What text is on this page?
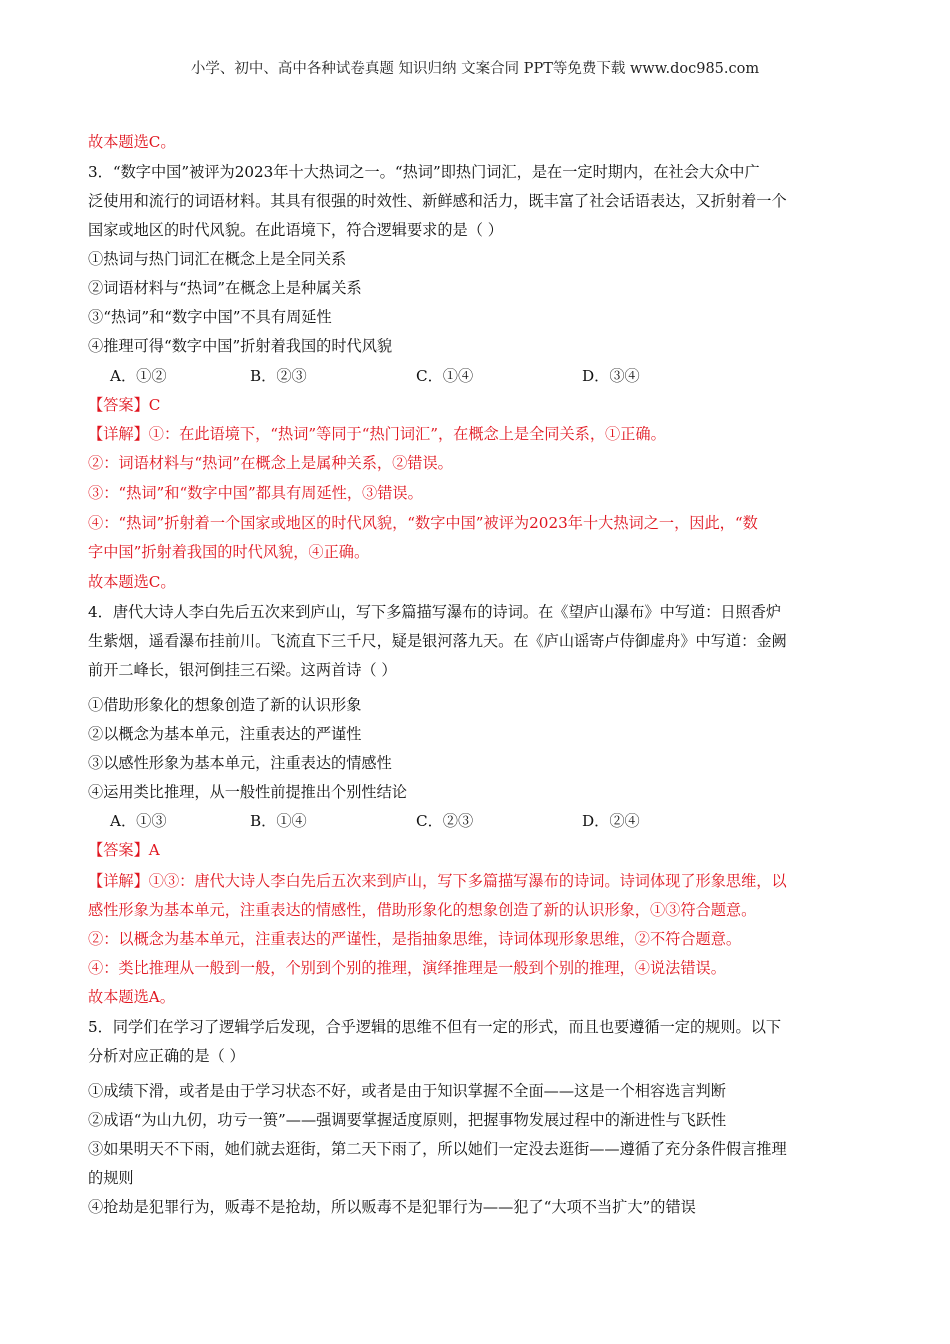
小学、初中、高中各种试卷真题 知识归纳 文案合同 PPT等免费下载 www.doc985.com
故本题选C。
3．“数字中国”被评为2023年十大热词之一。“热词”即热门词汇，是在一定时期内，在社会大众中广
泛使用和流行的词语材料。其具有很强的时效性、新鲜感和活力，既丰富了社会话语表达，又折射着一个
国家或地区的时代风貌。在此语境下，符合逻辑要求的是（ ）
①热词与热门词汇在概念上是全同关系
②词语材料与“热词”在概念上是种属关系
③“热词”和“数字中国”不具有周延性
④推理可得“数字中国”折射着我国的时代风貌
A．①②	B．②③	C．①④	D．③④
【答案】C
【详解】①：在此语境下，“热词”等同于“热门词汇”，在概念上是全同关系，①正确。
②：词语材料与“热词”在概念上是属种关系，②错误。
③：“热词”和“数字中国”都具有周延性，③错误。
④：“热词”折射着一个国家或地区的时代风貌，“数字中国”被评为2023年十大热词之一，因此，“数
字中国”折射着我国的时代风貌，④正确。
故本题选C。
4．唐代大诗人李白先后五次来到庐山，写下多篇描写瀑布的诗词。在《望庐山瀑布》中写道：日照香炉
生紫烟，遥看瀑布挂前川。飞流直下三千尺，疑是银河落九天。在《庐山谣寄卢侍御虚舟》中写道：金阙
前开二峰长，银河倒挂三石梁。这两首诗（ ）
①借助形象化的想象创造了新的认识形象
②以概念为基本单元，注重表达的严谨性
③以感性形象为基本单元，注重表达的情感性
④运用类比推理，从一般性前提推出个别性结论
A．①③	B．①④	C．②③	D．②④
【答案】A
【详解】①③：唐代大诗人李白先后五次来到庐山，写下多篇描写瀑布的诗词。诗词体现了形象思维，以
感性形象为基本单元，注重表达的情感性，借助形象化的想象创造了新的认识形象，①③符合题意。
②：以概念为基本单元，注重表达的严谨性，是指抽象思维，诗词体现形象思维，②不符合题意。
④：类比推理从一般到一般，个别到个别的推理，演绎推理是一般到个别的推理，④说法错误。
故本题选A。
5．同学们在学习了逻辑学后发现，合乎逻辑的思维不但有一定的形式，而且也要遵循一定的规则。以下
分析对应正确的是（ ）
①成绩下滑，或者是由于学习状态不好，或者是由于知识掌握不全面——这是一个相容选言判断
②成语“为山九仞，功亏一篑”——强调要掌握适度原则，把握事物发展过程中的渐进性与飞跃性
③如果明天不下雨，她们就去逛街，第二天下雨了，所以她们一定没去逛街——遵循了充分条件假言推理
的规则
④抢劫是犯罪行为，贩毒不是抢劫，所以贩毒不是犯罪行为——犯了“大项不当扩大”的错误
